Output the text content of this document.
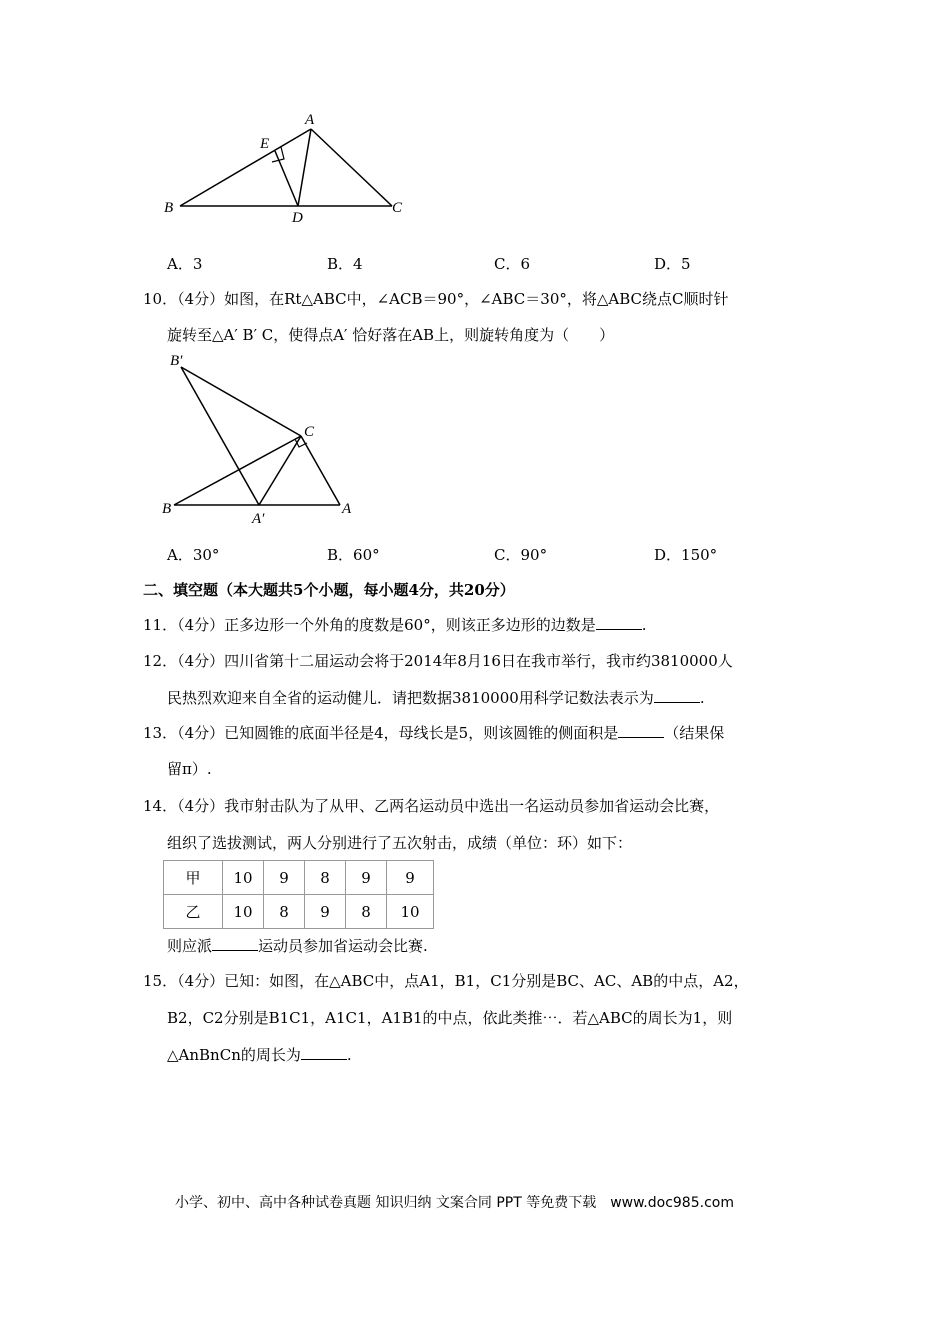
A
E
B
D
C
A．3	B．4	C．6	D．5
10．（4分）如图，在Rt△ABC中，∠ACB＝90°，∠ABC＝30°，将△ABC绕点C顺时针
旋转至△A′ B′ C，使得点A′ 恰好落在AB上，则旋转角度为（　　）
B′
C
B
A′
A
A．30°	B．60°	C．90°	D．150°
二、填空题（本大题共5个小题，每小题4分，共20分）
11．（4分）正多边形一个外角的度数是60°，则该正多边形的边数是	.
12．（4分）四川省第十二届运动会将于2014年8月16日在我市举行，我市约3810000人
民热烈欢迎来自全省的运动健儿．请把数据3810000用科学记数法表示为	.
13．（4分）已知圆锥的底面半径是4，母线长是5，则该圆锥的侧面积是	（结果保
留π）.
14．（4分）我市射击队为了从甲、乙两名运动员中选出一名运动员参加省运动会比赛，
组织了选拔测试，两人分别进行了五次射击，成绩（单位：环）如下：
甲	10	9	8	9	9
乙	10	8	9	8	10
则应派	运动员参加省运动会比赛.
15．（4分）已知：如图，在△ABC中，点A1，B1，C1分别是BC、AC、AB的中点，A2，
B2，C2分别是B1C1，A1C1，A1B1的中点，依此类推⋯．若△ABC的周长为1，则
△AnBnCn的周长为	.
小学、初中、高中各种试卷真题 知识归纳 文案合同 PPT 等免费下载　www.doc985.com
